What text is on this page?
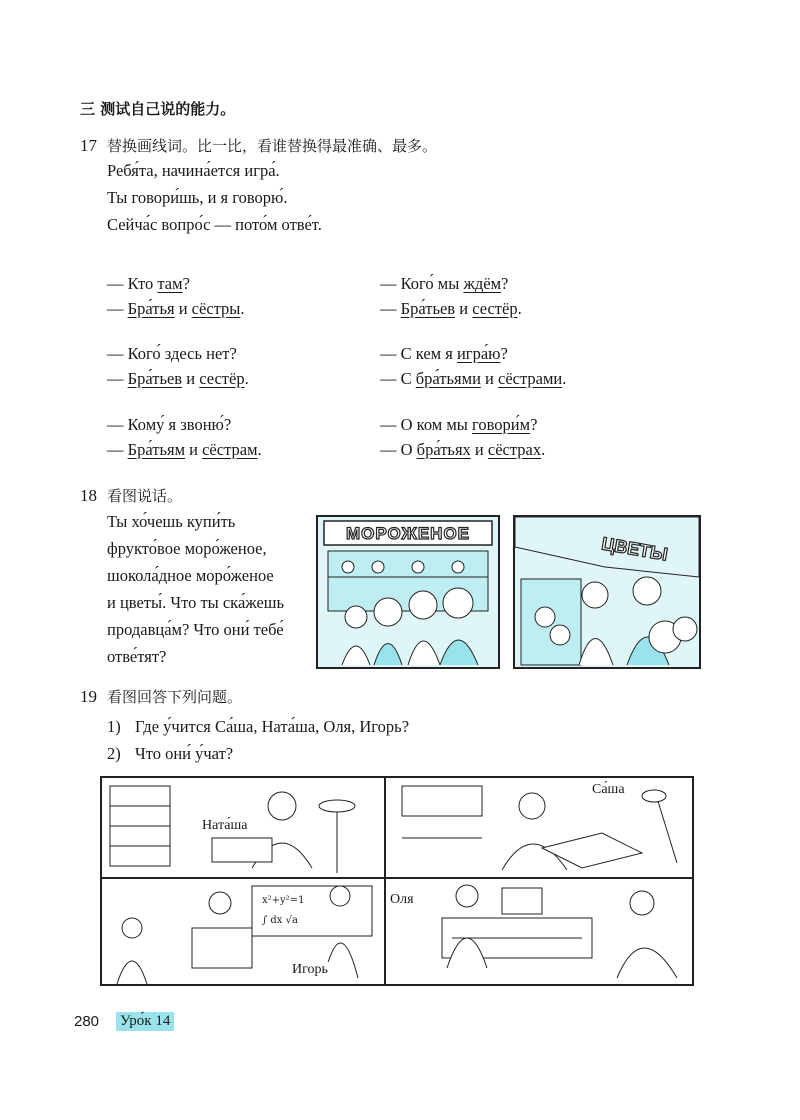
三 测试自己说的能力。
17 替换画线词。比一比，看谁替换得最准确、最多。
Ребя́та, начина́ется игра́.
Ты говори́шь, и я говорю́.
Сейча́с вопро́с — пото́м отве́т.
— Кто там?
— Бра́тья и сёстры.
— Кого́ здесь нет?
— Бра́тьев и сестёр.
— Кому́ я звоню́?
— Бра́тьям и сёстрам.
— Кого́ мы ждём?
— Бра́тьев и сестёр.
— С кем я игра́ю?
— С бра́тьями и сёстрами.
— О ком мы говори́м?
— О бра́тьях и сёстрах.
18 看图说话。
Ты хо́чешь купи́ть
фрукто́вое моро́женое,
шокола́дное моро́женое
и цветы́. Что ты ска́жешь
продавца́м? Что они́ тебе́
отве́тят?
МОРОЖЕНОЕ	ЦВЕТЫ
19 看图回答下列问题。
1) Где у́чится Са́ша, Ната́ша, Оля, Игорь?
2) Что они́ у́чат?
x²+y²=1
∫ dx √a
Ната́ша
Са́ша
Оля
Игорь
280 Уро́к 14
